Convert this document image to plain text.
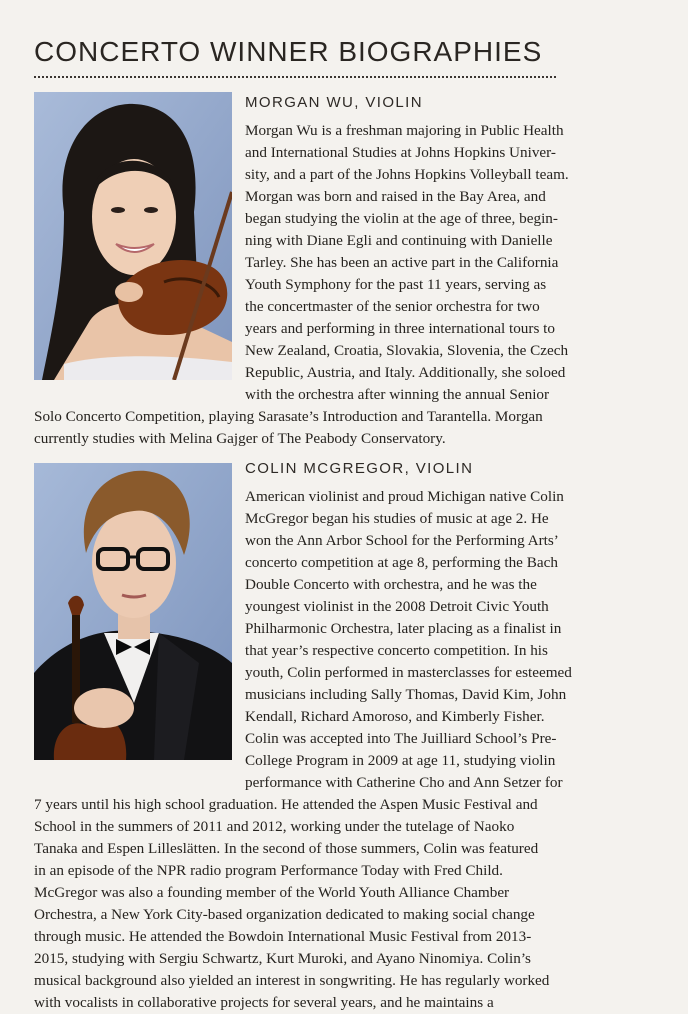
CONCERTO WINNER BIOGRAPHIES
MORGAN WU, VIOLIN
Morgan Wu is a freshman majoring in Public Health
and International Studies at Johns Hopkins Univer-
sity, and a part of the Johns Hopkins Volleyball team.
Morgan was born and raised in the Bay Area, and
began studying the violin at the age of three, begin-
ning with Diane Egli and continuing with Danielle
Tarley. She has been an active part in the California
Youth Symphony for the past 11 years, serving as
the concertmaster of the senior orchestra for two
years and performing in three international tours to
New Zealand, Croatia, Slovakia, Slovenia, the Czech
Republic, Austria, and Italy. Additionally, she soloed
with the orchestra after winning the annual Senior
Solo Concerto Competition, playing Sarasate’s Introduction and Tarantella. Morgan
currently studies with Melina Gajger of The Peabody Conservatory.
COLIN MCGREGOR, VIOLIN
American violinist and proud Michigan native Colin
McGregor began his studies of music at age 2. He
won the Ann Arbor School for the Performing Arts’
concerto competition at age 8, performing the Bach
Double Concerto with orchestra, and he was the
youngest violinist in the 2008 Detroit Civic Youth
Philharmonic Orchestra, later placing as a finalist in
that year’s respective concerto competition. In his
youth, Colin performed in masterclasses for esteemed
musicians including Sally Thomas, David Kim, John
Kendall, Richard Amoroso, and Kimberly Fisher.
Colin was accepted into The Juilliard School’s Pre-
College Program in 2009 at age 11, studying violin
performance with Catherine Cho and Ann Setzer for
7 years until his high school graduation. He attended the Aspen Music Festival and
School in the summers of 2011 and 2012, working under the tutelage of Naoko
Tanaka and Espen Lilleslätten. In the second of those summers, Colin was featured
in an episode of the NPR radio program Performance Today with Fred Child.
McGregor was also a founding member of the World Youth Alliance Chamber
Orchestra, a New York City-based organization dedicated to making social change
through music. He attended the Bowdoin International Music Festival from 2013-
2015, studying with Sergiu Schwartz, Kurt Muroki, and Ayano Ninomiya. Colin’s
musical background also yielded an interest in songwriting. He has regularly worked
with vocalists in collaborative projects for several years, and he maintains a
